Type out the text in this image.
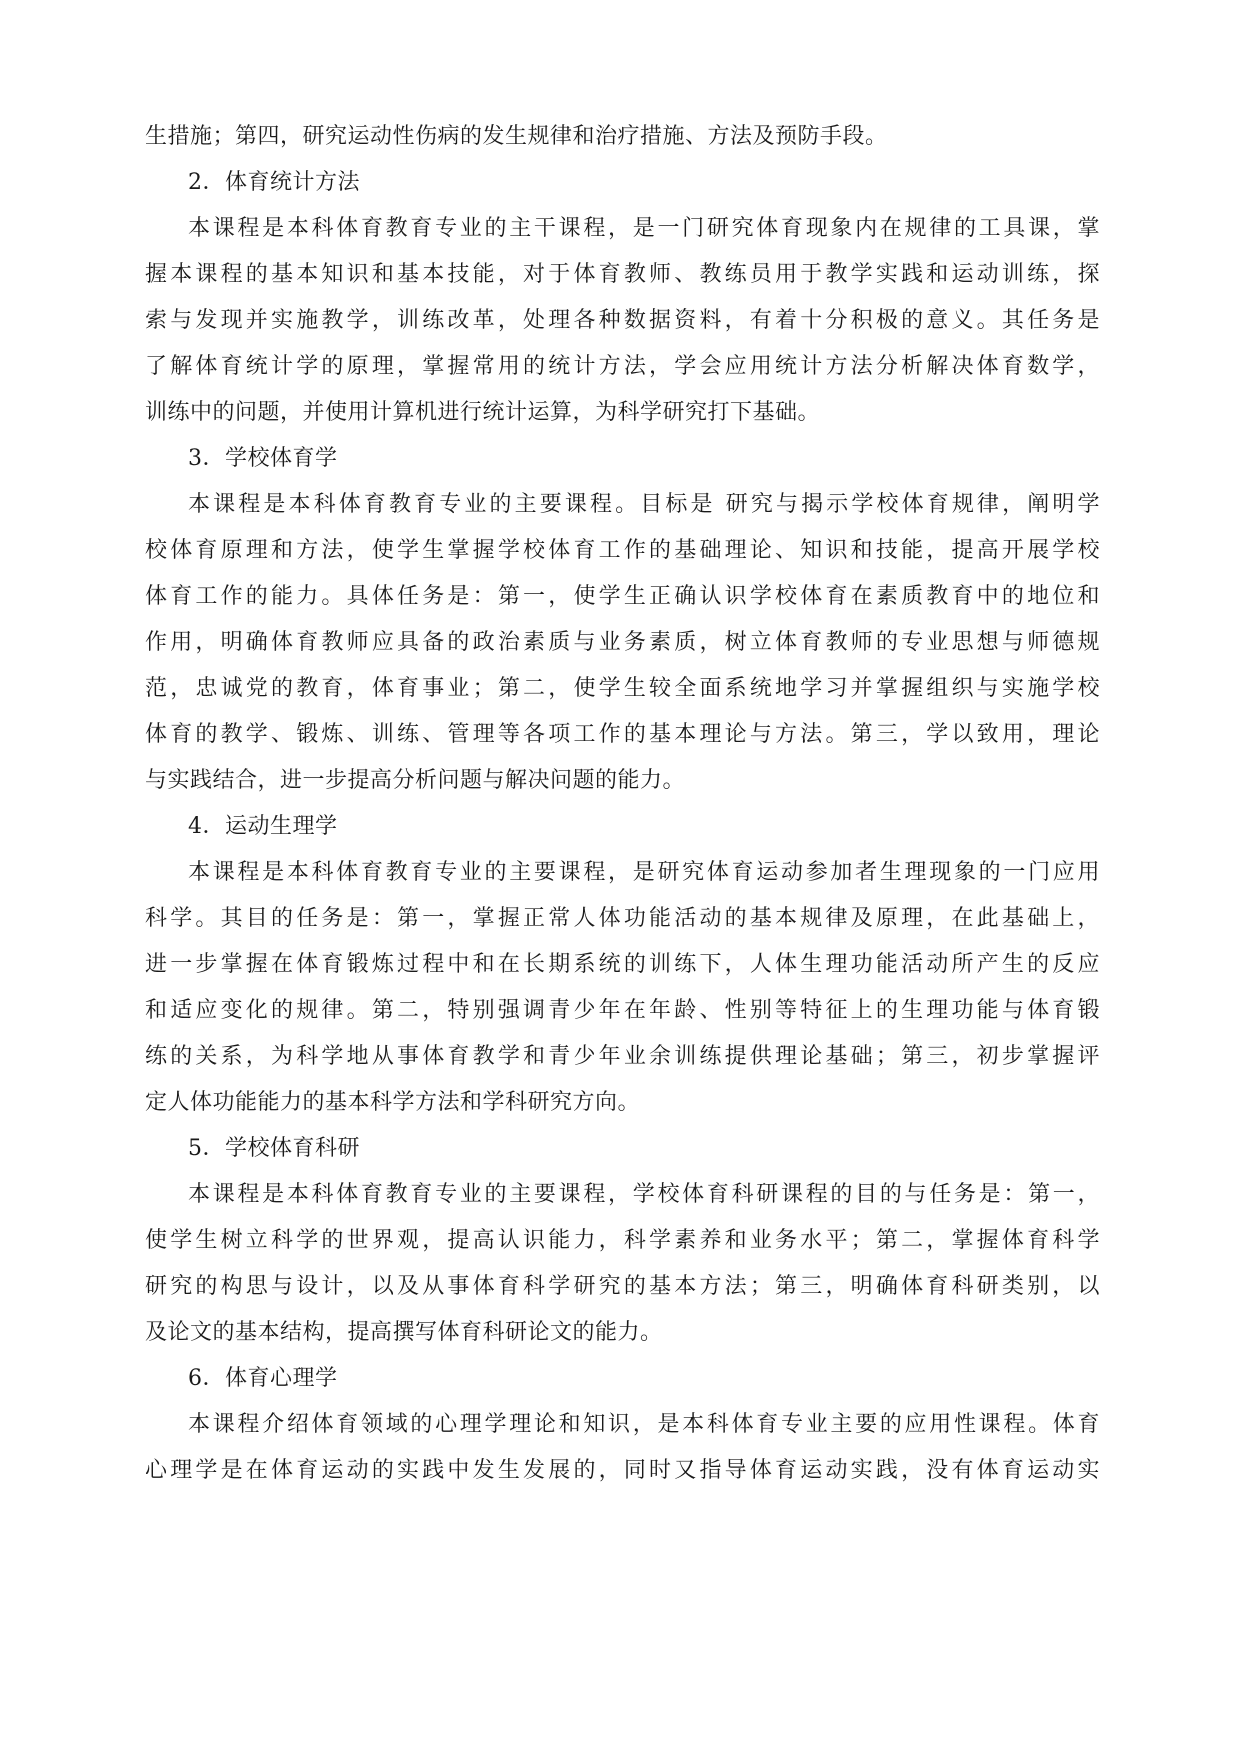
生措施；第四，研究运动性伤病的发生规律和治疗措施、方法及预防手段。
2．体育统计方法
本课程是本科体育教育专业的主干课程，是一门研究体育现象内在规律的工具课，掌
握本课程的基本知识和基本技能，对于体育教师、教练员用于教学实践和运动训练，探
索与发现并实施教学，训练改革，处理各种数据资料，有着十分积极的意义。其任务是
了解体育统计学的原理，掌握常用的统计方法，学会应用统计方法分析解决体育数学，
训练中的问题，并使用计算机进行统计运算，为科学研究打下基础。
3．学校体育学
本课程是本科体育教育专业的主要课程。目标是 研究与揭示学校体育规律，阐明学
校体育原理和方法，使学生掌握学校体育工作的基础理论、知识和技能，提高开展学校
体育工作的能力。具体任务是：第一，使学生正确认识学校体育在素质教育中的地位和
作用，明确体育教师应具备的政治素质与业务素质，树立体育教师的专业思想与师德规
范，忠诚党的教育，体育事业；第二，使学生较全面系统地学习并掌握组织与实施学校
体育的教学、锻炼、训练、管理等各项工作的基本理论与方法。第三，学以致用，理论
与实践结合，进一步提高分析问题与解决问题的能力。
4．运动生理学
本课程是本科体育教育专业的主要课程，是研究体育运动参加者生理现象的一门应用
科学。其目的任务是：第一，掌握正常人体功能活动的基本规律及原理，在此基础上，
进一步掌握在体育锻炼过程中和在长期系统的训练下，人体生理功能活动所产生的反应
和适应变化的规律。第二，特别强调青少年在年龄、性别等特征上的生理功能与体育锻
练的关系，为科学地从事体育教学和青少年业余训练提供理论基础；第三，初步掌握评
定人体功能能力的基本科学方法和学科研究方向。
5．学校体育科研
本课程是本科体育教育专业的主要课程，学校体育科研课程的目的与任务是：第一，
使学生树立科学的世界观，提高认识能力，科学素养和业务水平；第二，掌握体育科学
研究的构思与设计，以及从事体育科学研究的基本方法；第三，明确体育科研类别，以
及论文的基本结构，提高撰写体育科研论文的能力。
6．体育心理学
本课程介绍体育领域的心理学理论和知识，是本科体育专业主要的应用性课程。体育
心理学是在体育运动的实践中发生发展的，同时又指导体育运动实践，没有体育运动实
